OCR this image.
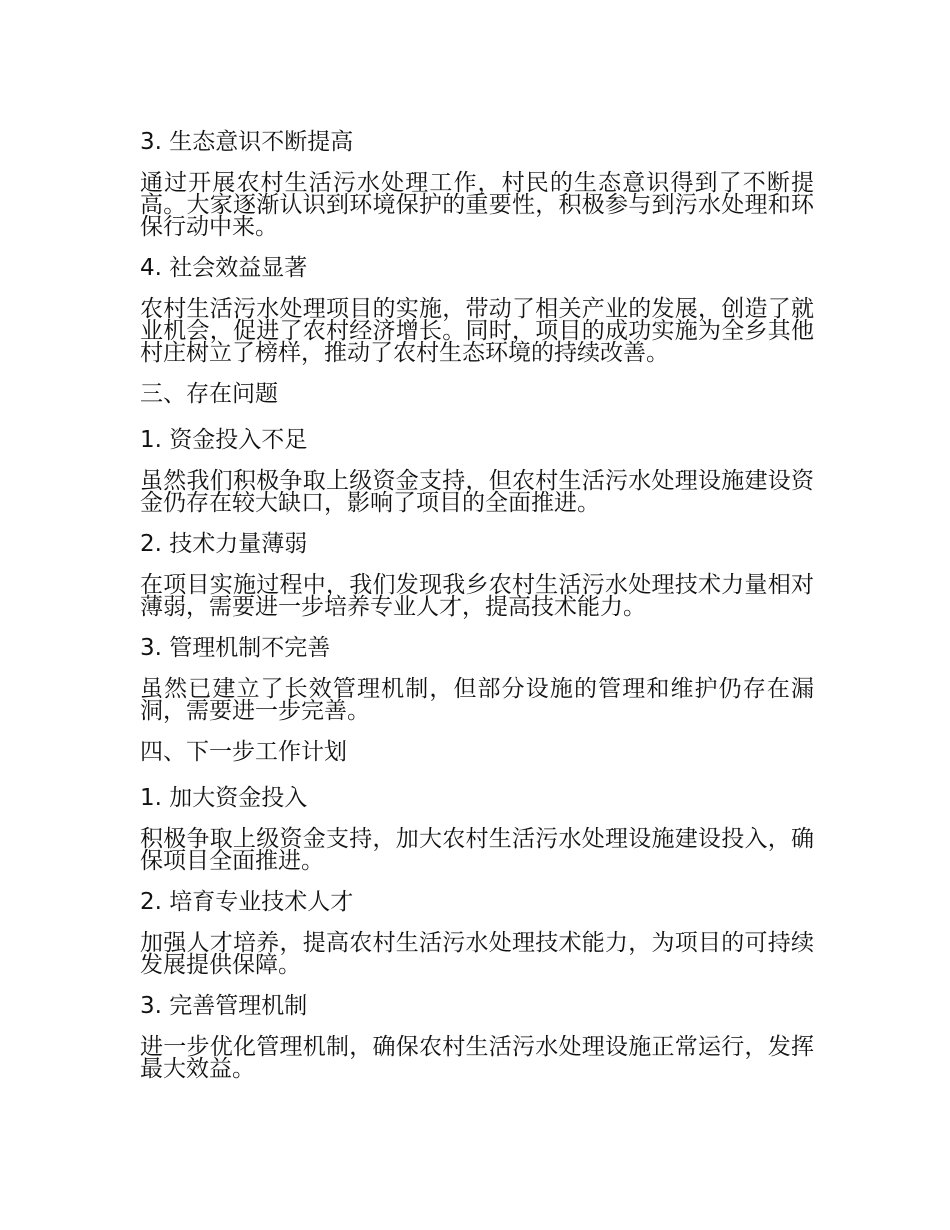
3. 生态意识不断提高
通过开展农村生活污水处理工作，村民的生态意识得到了不断提高。大家逐渐认识到环境保护的重要性，积极参与到污水处理和环保行动中来。
4. 社会效益显著
农村生活污水处理项目的实施，带动了相关产业的发展，创造了就业机会，促进了农村经济增长。同时，项目的成功实施为全乡其他村庄树立了榜样，推动了农村生态环境的持续改善。
三、存在问题
1. 资金投入不足
虽然我们积极争取上级资金支持，但农村生活污水处理设施建设资金仍存在较大缺口，影响了项目的全面推进。
2. 技术力量薄弱
在项目实施过程中，我们发现我乡农村生活污水处理技术力量相对薄弱，需要进一步培养专业人才，提高技术能力。
3. 管理机制不完善
虽然已建立了长效管理机制，但部分设施的管理和维护仍存在漏洞，需要进一步完善。
四、下一步工作计划
1. 加大资金投入
积极争取上级资金支持，加大农村生活污水处理设施建设投入，确保项目全面推进。
2. 培育专业技术人才
加强人才培养，提高农村生活污水处理技术能力，为项目的可持续发展提供保障。
3. 完善管理机制
进一步优化管理机制，确保农村生活污水处理设施正常运行，发挥最大效益。
